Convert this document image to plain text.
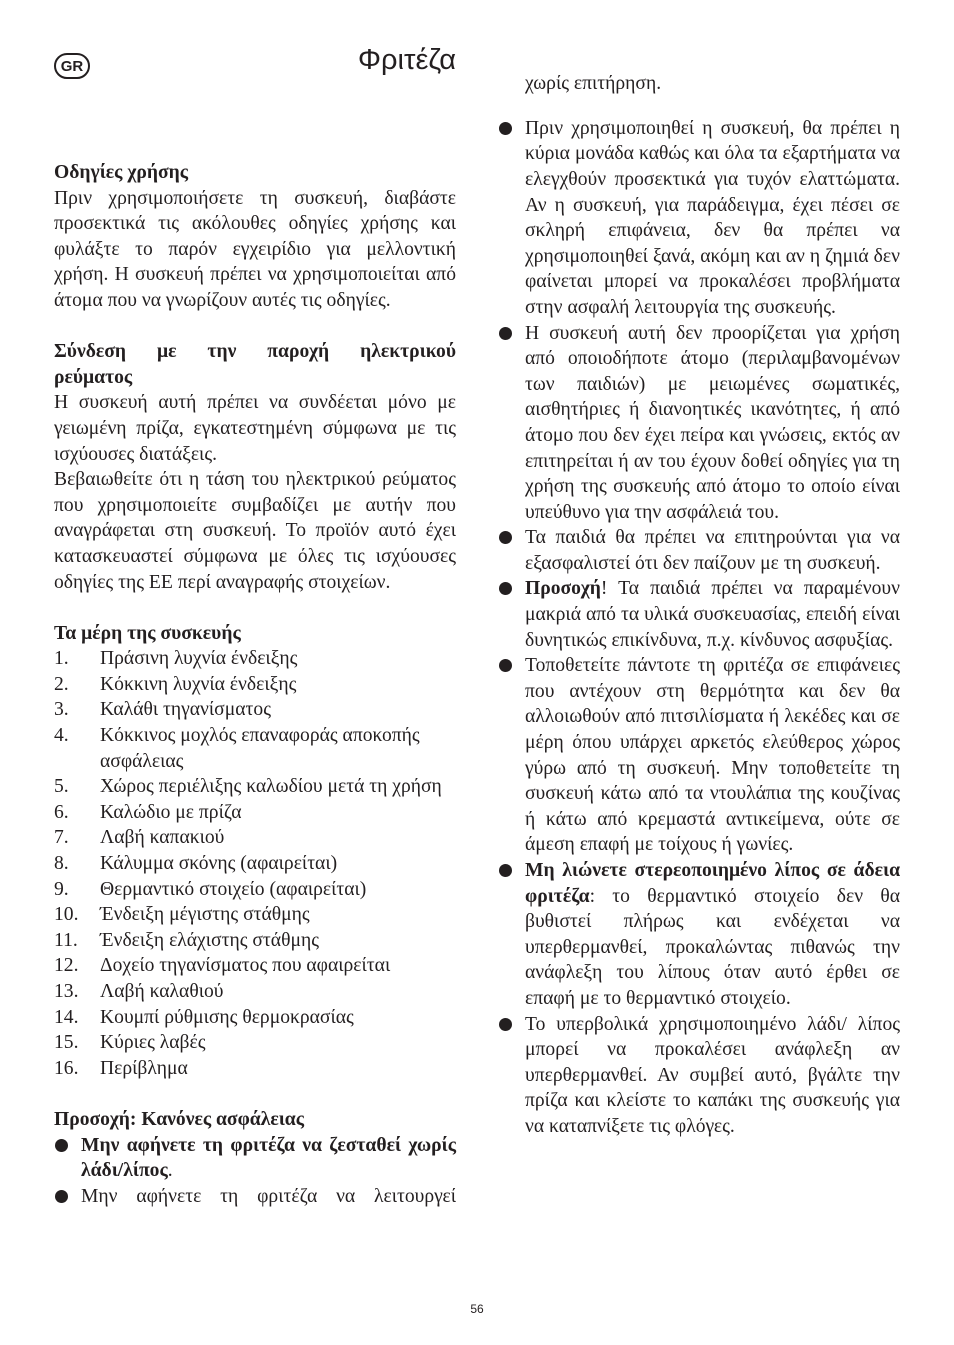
GR	Φριτέζα

Οδηγίες χρήσης

Πριν χρησιμοποιήσετε τη συσκευή, διαβάστε προσεκτικά τις ακόλουθες οδηγίες χρήσης και φυλάξτε το παρόν εγχειρίδιο για μελλοντική χρήση. Η συσκευή πρέπει να χρησιμοποιείται από άτομα που να γνωρίζουν αυτές τις οδηγίες.

Σύνδεση με την παροχή ηλεκτρικού

ρεύματος

Η συσκευή αυτή πρέπει να συνδέεται μόνο με γειωμένη πρίζα, εγκατεστημένη σύμφωνα με τις ισχύουσες διατάξεις.

Βεβαιωθείτε ότι η τάση του ηλεκτρικού ρεύματος που χρησιμοποιείτε συμβαδίζει με αυτήν που αναγράφεται στη συσκευή. Το προϊόν αυτό έχει κατασκευαστεί σύμφωνα με όλες τις ισχύουσες οδηγίες της ΕΕ περί αναγραφής στοιχείων.

Τα μέρη της συσκευής

1.	Πράσινη λυχνία ένδειξης
2.	Κόκκινη λυχνία ένδειξης
3.	Καλάθι τηγανίσματος
4.	Κόκκινος μοχλός επαναφοράς αποκοπής ασφάλειας
5.	Χώρος περιέλιξης καλωδίου μετά τη χρήση
6.	Καλώδιο με πρίζα
7.	Λαβή καπακιού
8.	Κάλυμμα σκόνης (αφαιρείται)
9.	Θερμαντικό στοιχείο (αφαιρείται)
10.	Ένδειξη μέγιστης στάθμης
11.	Ένδειξη ελάχιστης στάθμης
12.	Δοχείο τηγανίσματος που αφαιρείται
13.	Λαβή καλαθιού
14.	Κουμπί ρύθμισης θερμοκρασίας
15.	Κύριες λαβές
16.	Περίβλημα

Προσοχή: Κανόνες ασφάλειας

Μην αφήνετε τη φριτέζα να ζεσταθεί χωρίς λάδι/λίπος.
Μην αφήνετε τη φριτέζα να λειτουργεί

χωρίς επιτήρηση.

Πριν χρησιμοποιηθεί η συσκευή, θα πρέπει η κύρια μονάδα καθώς και όλα τα εξαρτήματα να ελεγχθούν προσεκτικά για τυχόν ελαττώματα. Αν η συσκευή, για παράδειγμα, έχει πέσει σε σκληρή επιφάνεια, δεν θα πρέπει να χρησιμοποιηθεί ξανά, ακόμη και αν η ζημιά δεν φαίνεται μπορεί να προκαλέσει προβλήματα στην ασφαλή λειτουργία της συσκευής.
Η συσκευή αυτή δεν προορίζεται για χρήση από οποιοδήποτε άτομο (περιλαμβανομένων των παιδιών) με μειωμένες σωματικές, αισθητήριες ή διανοητικές ικανότητες, ή από άτομο που δεν έχει πείρα και γνώσεις, εκτός αν επιτηρείται ή αν του έχουν δοθεί οδηγίες για τη χρήση της συσκευής από άτομο το οποίο είναι υπεύθυνο για την ασφάλειά του.
Τα παιδιά θα πρέπει να επιτηρούνται για να εξασφαλιστεί ότι δεν παίζουν με τη συσκευή.
Προσοχή! Τα παιδιά πρέπει να παραμένουν μακριά από τα υλικά συσκευασίας, επειδή είναι δυνητικώς επικίνδυνα, π.χ. κίνδυνος ασφυξίας.
Τοποθετείτε πάντοτε τη φριτέζα σε επιφάνειες που αντέχουν στη θερμότητα και δεν θα αλλοιωθούν από πιτσιλίσματα ή λεκέδες και σε μέρη όπου υπάρχει αρκετός ελεύθερος χώρος γύρω από τη συσκευή. Μην τοποθετείτε τη συσκευή κάτω από τα ντουλάπια της κουζίνας ή κάτω από κρεμαστά αντικείμενα, ούτε σε άμεση επαφή με τοίχους ή γωνίες.
Μη λιώνετε στερεοποιημένο λίπος σε άδεια φριτέζα: το θερμαντικό στοιχείο δεν θα βυθιστεί πλήρως και ενδέχεται να υπερθερμανθεί, προκαλώντας πιθανώς την ανάφλεξη του λίπους όταν αυτό έρθει σε επαφή με το θερμαντικό στοιχείο.
Το υπερβολικά χρησιμοποιημένο λάδι/ λίπος μπορεί να προκαλέσει ανάφλεξη αν υπερθερμανθεί. Αν συμβεί αυτό, βγάλτε την πρίζα και κλείστε το καπάκι της συσκευής για να καταπνίξετε τις φλόγες.
56
